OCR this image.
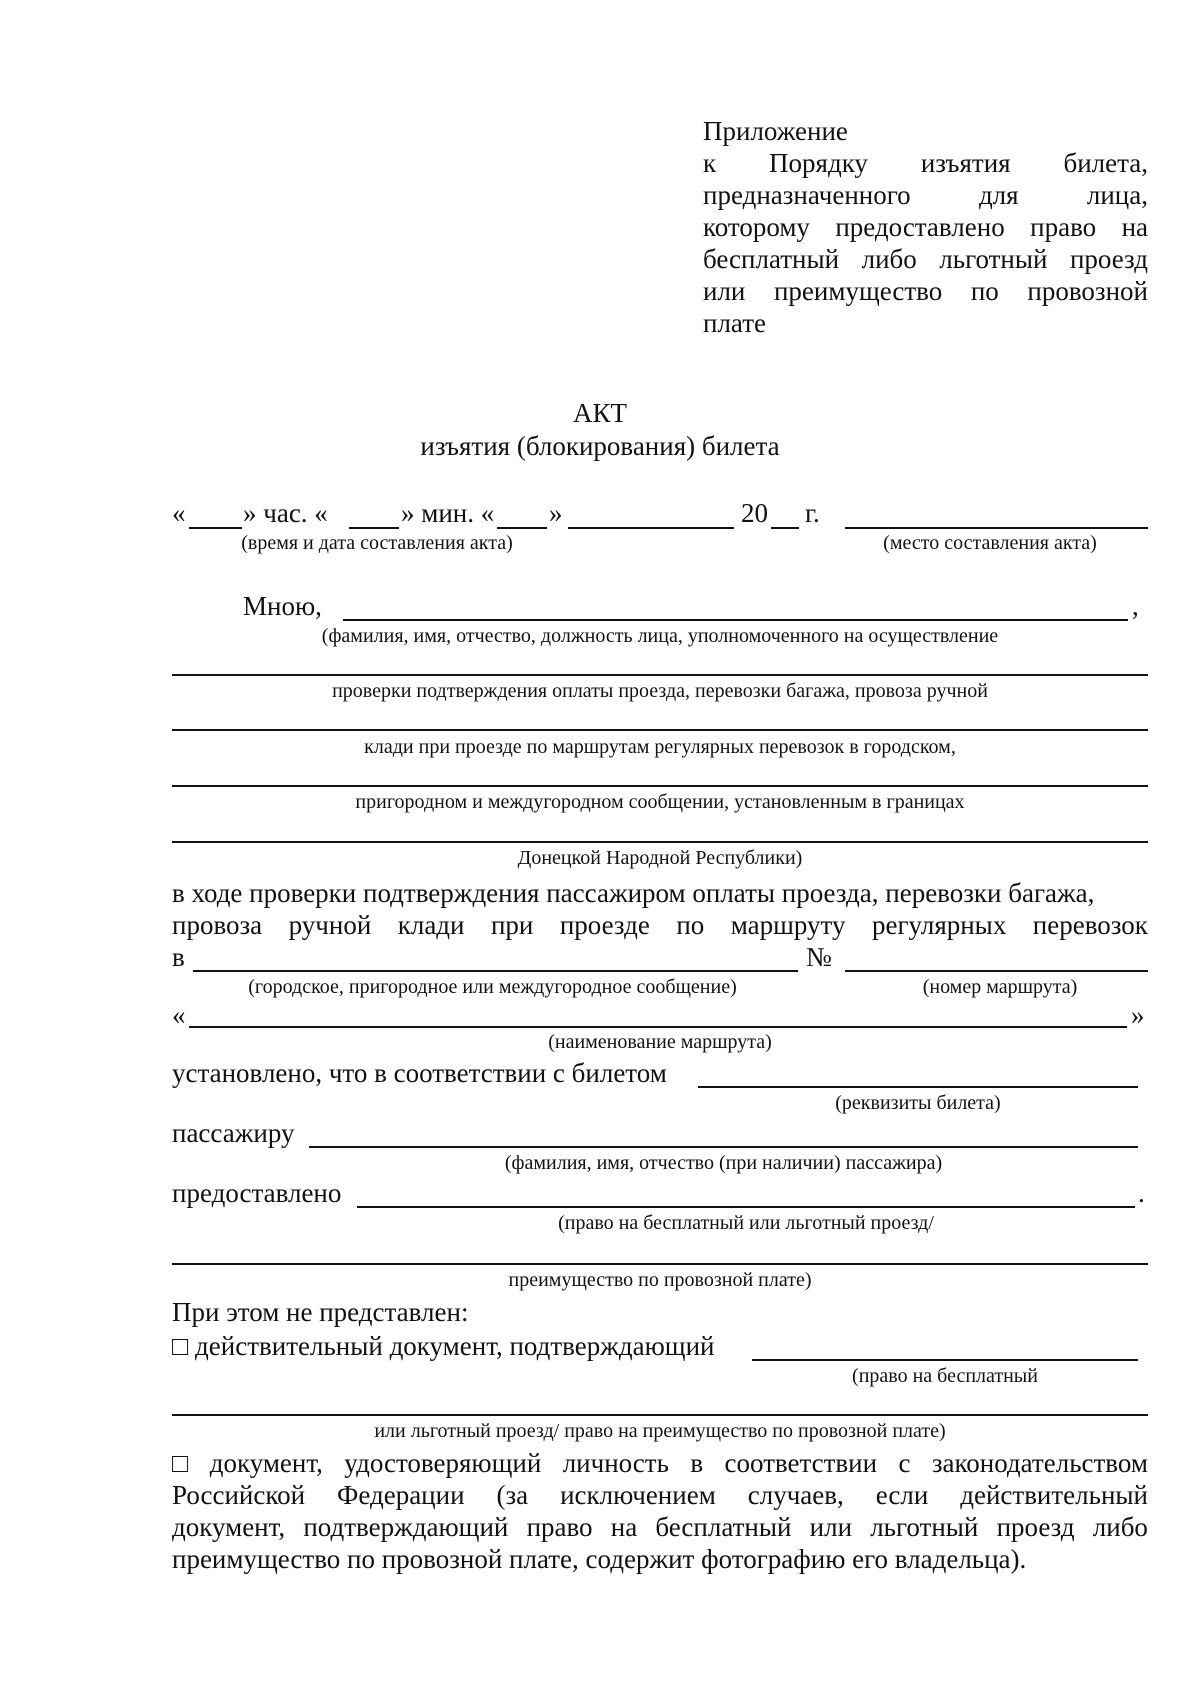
Приложение
к Порядку изъятия билета,
предназначенного	для	лица,
которому предоставлено право на
бесплатный либо льготный проезд
или преимущество по провозной
плате
АКТ
изъятия (блокирования) билета
« » час. «	» мин. « »	20 г.
(время и дата составления акта)	(место составления акта)
Мною,	,
(фамилия, имя, отчество, должность лица, уполномоченного на осуществление
проверки подтверждения оплаты проезда, перевозки багажа, провоза ручной
клади при проезде по маршрутам регулярных перевозок в городском,
пригородном и междугородном сообщении, установленным в границах
Донецкой Народной Республики)
в ходе проверки подтверждения пассажиром оплаты проезда, перевозки багажа,
провоза ручной клади при проезде по маршруту регулярных перевозок
в	№
(городское, пригородное или междугородное сообщение)	(номер маршрута)
«	»
(наименование маршрута)
установлено, что в соответствии с билетом
(реквизиты билета)
пассажиру
(фамилия, имя, отчество (при наличии) пассажира)
предоставлено	.
(право на бесплатный или льготный проезд/
преимущество по провозной плате)
При этом не представлен:
□ действительный документ, подтверждающий
(право на бесплатный
или льготный проезд/ право на преимущество по провозной плате)
□ документ, удостоверяющий личность в соответствии с законодательством
Российской Федерации (за исключением случаев, если действительный
документ, подтверждающий право на бесплатный или льготный проезд либо
преимущество по провозной плате, содержит фотографию его владельца).
